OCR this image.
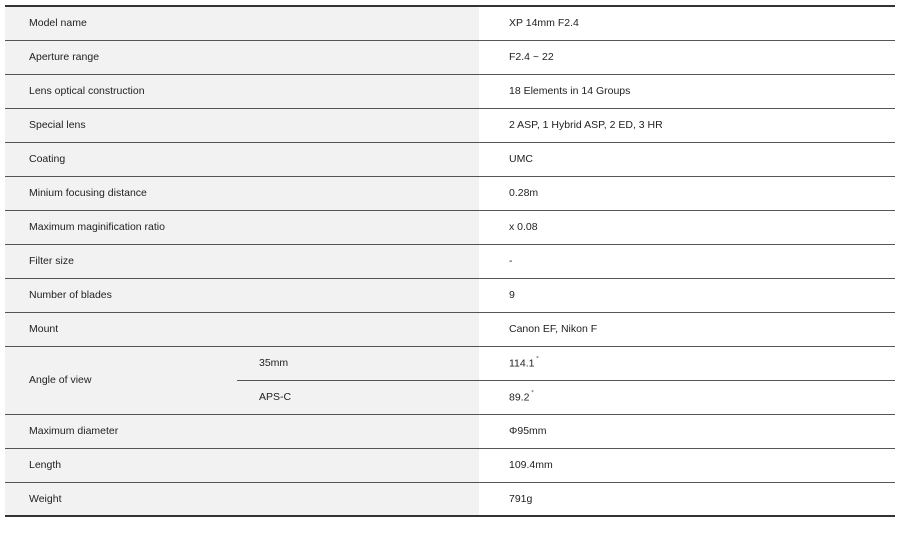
Model name		XP 14mm F2.4
Aperture range		F2.4 ~ 22
Lens optical construction		18 Elements in 14 Groups
Special lens		2 ASP, 1 Hybrid ASP, 2 ED, 3 HR
Coating		UMC
Minium focusing distance		0.28m
Maximum maginification ratio		x 0.08
Filter size		-
Number of blades		9
Mount		Canon EF, Nikon F
Angle of view	35mm	114.1 ˚
	APS-C	89.2 ˚
Maximum diameter		Φ95mm
Length		109.4mm
Weight		791g
